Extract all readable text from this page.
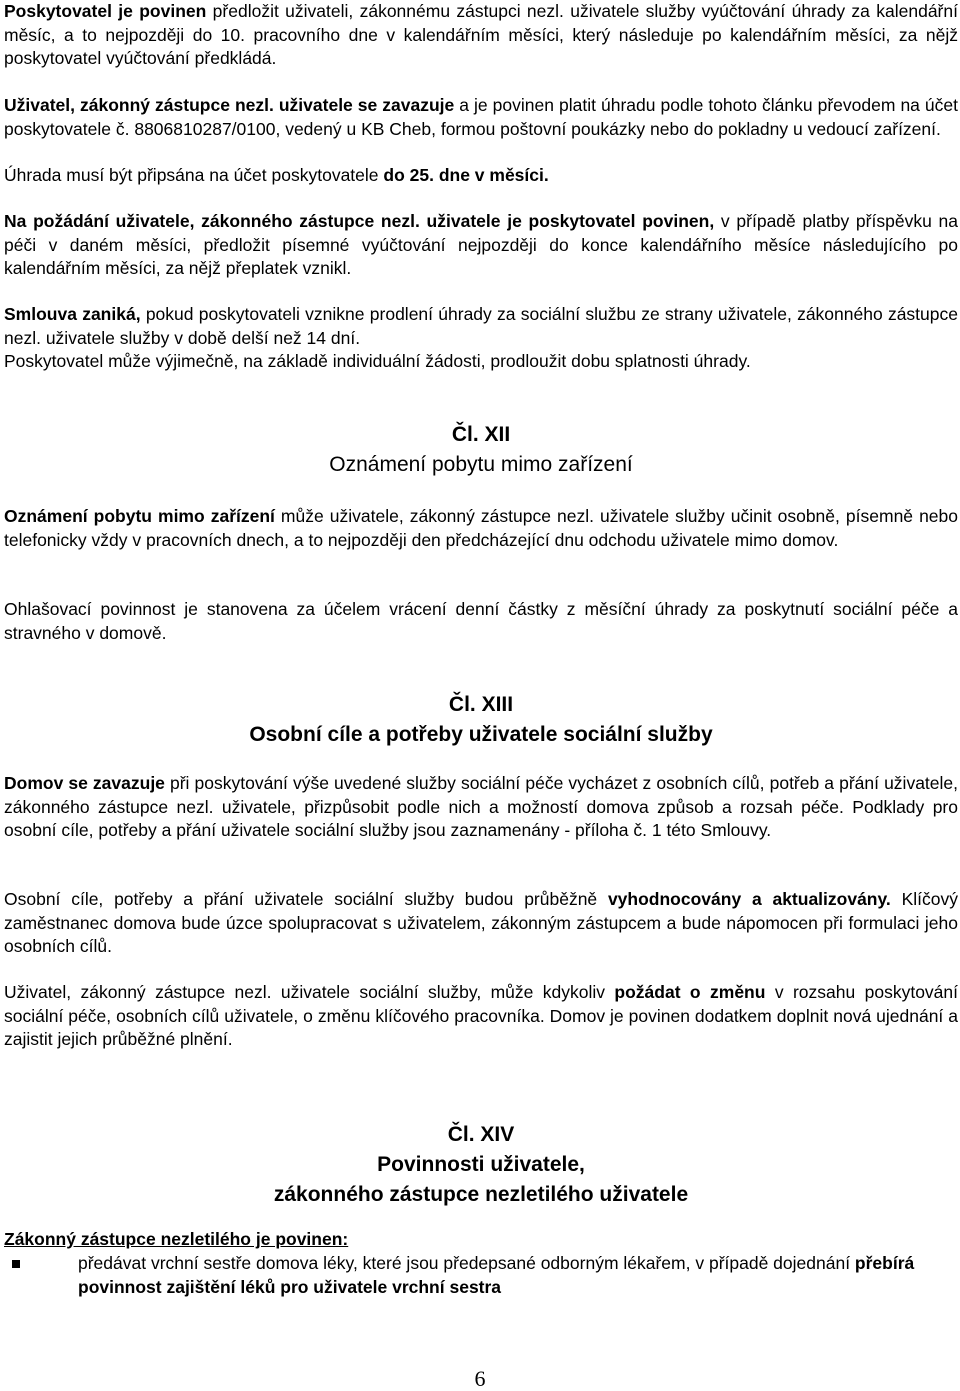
Poskytovatel je povinen předložit uživateli, zákonnému zástupci nezl. uživatele služby vyúčtování úhrady za kalendářní měsíc, a to nejpozději do 10. pracovního dne v kalendářním měsíci, který následuje po kalendářním měsíci, za nějž poskytovatel vyúčtování předkládá.

Uživatel, zákonný zástupce nezl. uživatele se zavazuje a je povinen platit úhradu podle tohoto článku převodem na účet poskytovatele č. 8806810287/0100, vedený u KB Cheb, formou poštovní poukázky nebo do pokladny u vedoucí zařízení.

Úhrada musí být připsána na účet poskytovatele do 25. dne v měsíci.

Na požádání uživatele, zákonného zástupce nezl. uživatele je poskytovatel povinen, v případě platby příspěvku na péči v daném měsíci, předložit písemné vyúčtování nejpozději do konce kalendářního měsíce následujícího po kalendářním měsíci, za nějž přeplatek vznikl.

Smlouva zaniká, pokud poskytovateli vznikne prodlení úhrady za sociální službu ze strany uživatele, zákonného zástupce nezl. uživatele služby v době delší než 14 dní.

Poskytovatel může výjimečně, na základě individuální žádosti, prodloužit dobu splatnosti úhrady.

Čl. XII
Oznámení pobytu mimo zařízení

Oznámení pobytu mimo zařízení může uživatele, zákonný zástupce nezl. uživatele služby učinit osobně, písemně nebo telefonicky vždy v pracovních dnech, a to nejpozději den předcházející dnu odchodu uživatele mimo domov.

Ohlašovací povinnost je stanovena za účelem vrácení denní částky z měsíční úhrady za poskytnutí sociální péče a stravného v domově.

Čl. XIII
Osobní cíle a potřeby uživatele sociální služby

Domov se zavazuje při poskytování výše uvedené služby sociální péče vycházet z osobních cílů, potřeb a přání uživatele, zákonného zástupce nezl. uživatele, přizpůsobit podle nich a možností domova způsob a rozsah péče. Podklady pro osobní cíle, potřeby a přání uživatele sociální služby jsou zaznamenány - příloha č. 1 této Smlouvy.

Osobní cíle, potřeby a přání uživatele sociální služby budou průběžně vyhodnocovány a aktualizovány. Klíčový zaměstnanec domova bude úzce spolupracovat s uživatelem, zákonným zástupcem a bude nápomocen při formulaci jeho osobních cílů.

Uživatel, zákonný zástupce nezl. uživatele sociální služby, může kdykoliv požádat o změnu v rozsahu poskytování sociální péče, osobních cílů uživatele, o změnu klíčového pracovníka. Domov je povinen dodatkem doplnit nová ujednání a zajistit jejich průběžné plnění.

Čl. XIV
Povinnosti uživatele,
zákonného zástupce nezletilého uživatele

Zákonný zástupce nezletilého je povinen:

předávat vrchní sestře domova léky, které jsou předepsané odborným lékařem, v případě dojednání přebírá povinnost zajištění léků pro uživatele vrchní sestra

6
